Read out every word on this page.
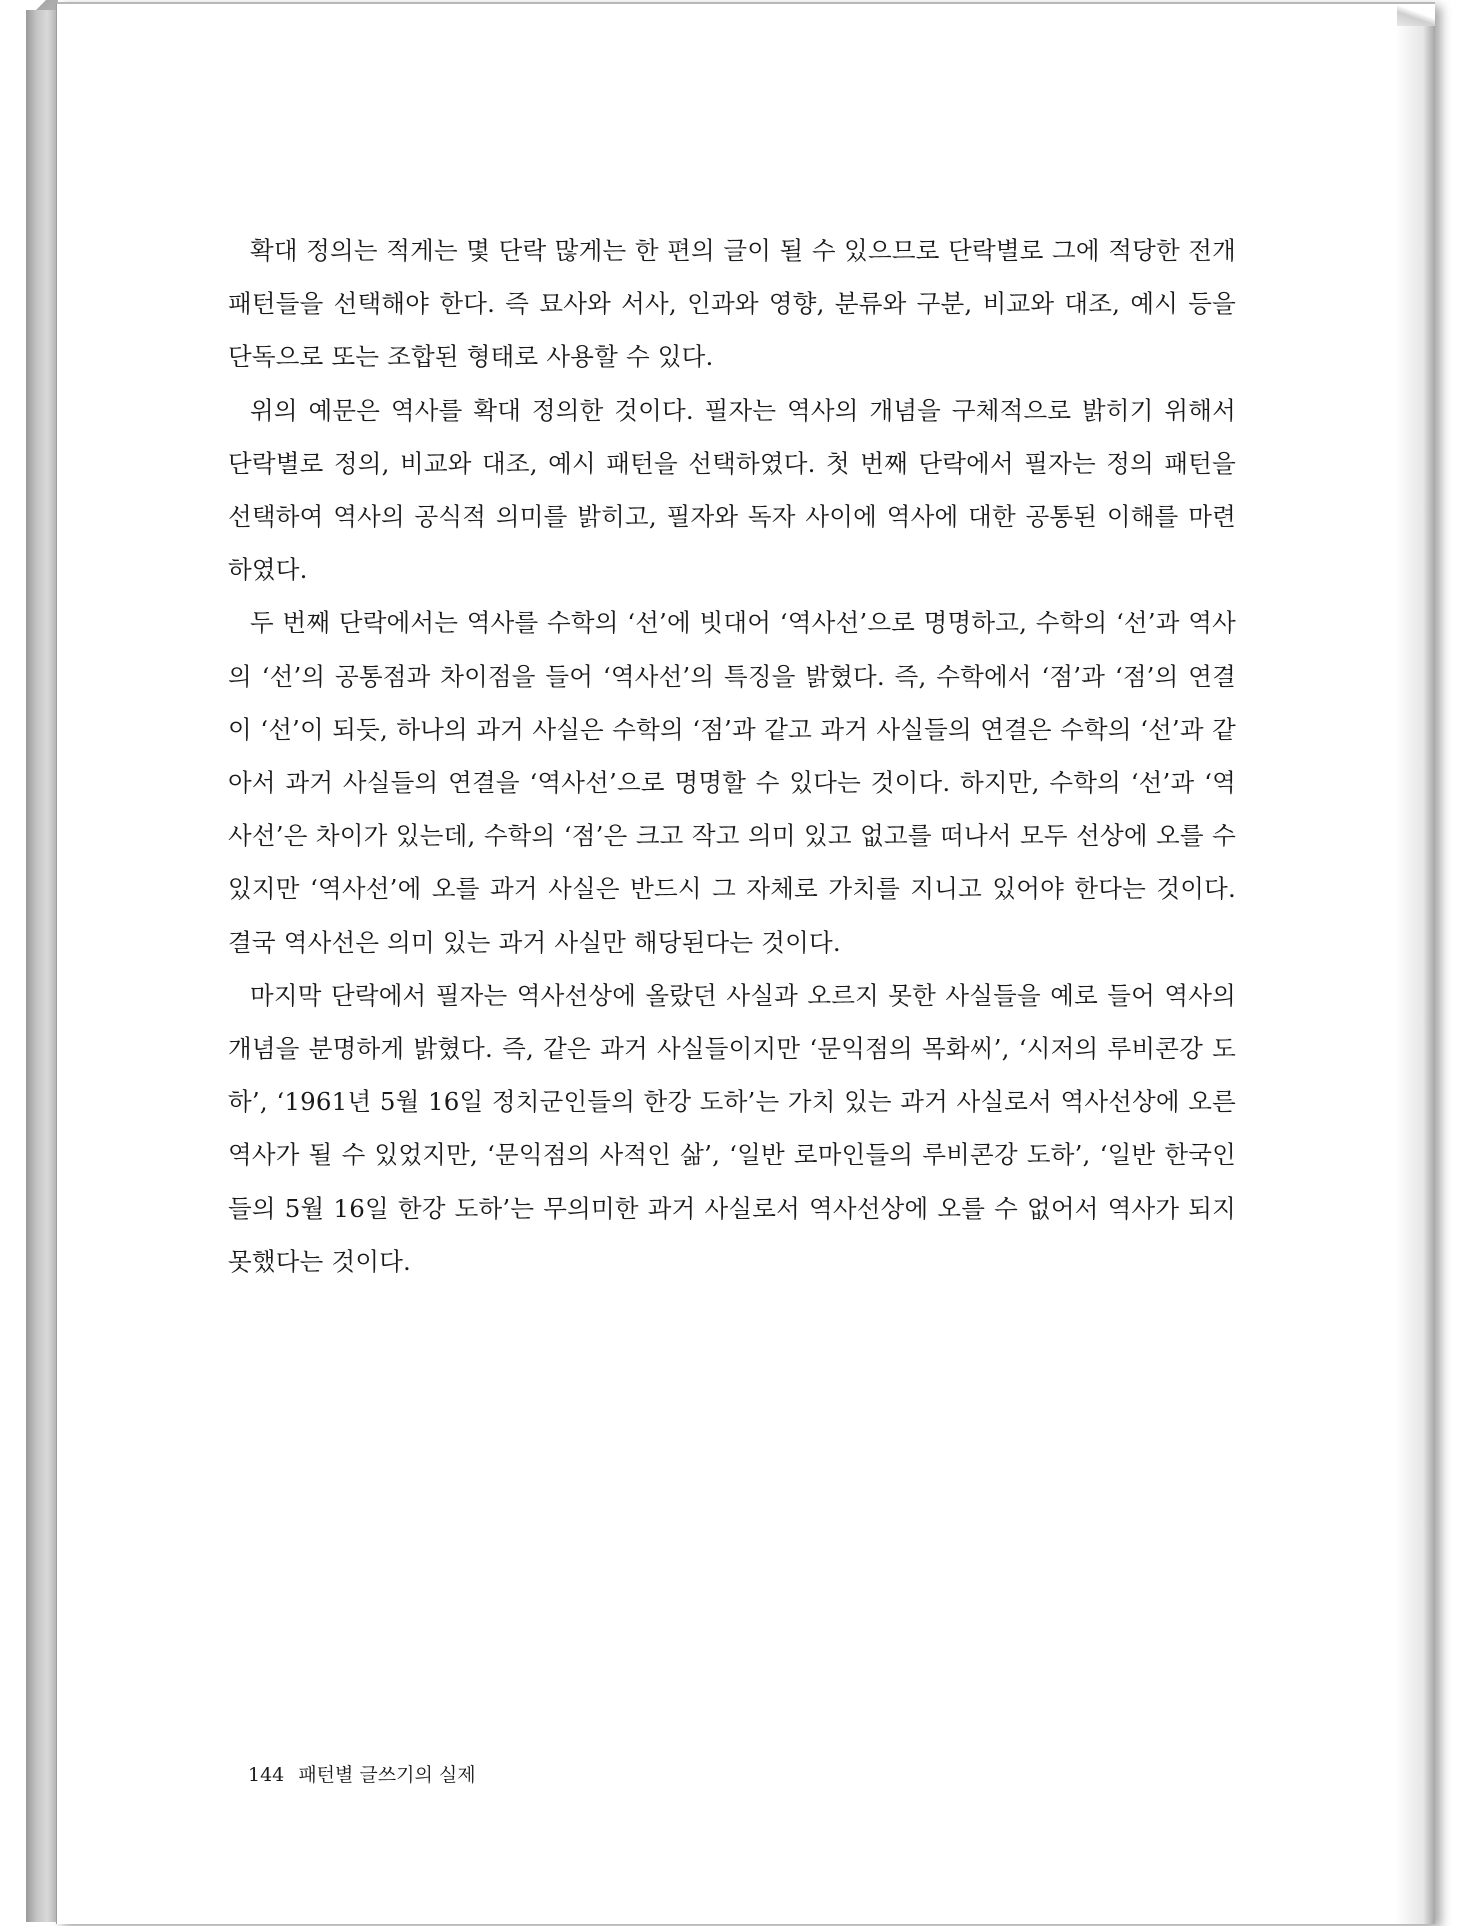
확대 정의는 적게는 몇 단락 많게는 한 편의 글이 될 수 있으므로 단락별로 그에 적당한 전개 패턴들을 선택해야 한다. 즉 묘사와 서사, 인과와 영향, 분류와 구분, 비교와 대조, 예시 등을 단독으로 또는 조합된 형태로 사용할 수 있다.

위의 예문은 역사를 확대 정의한 것이다. 필자는 역사의 개념을 구체적으로 밝히기 위해서 단락별로 정의, 비교와 대조, 예시 패턴을 선택하였다. 첫 번째 단락에서 필자는 정의 패턴을 선택하여 역사의 공식적 의미를 밝히고, 필자와 독자 사이에 역사에 대한 공통된 이해를 마련하였다.

두 번째 단락에서는 역사를 수학의 ‘선’에 빗대어 ‘역사선’으로 명명하고, 수학의 ‘선’과 역사의 ‘선’의 공통점과 차이점을 들어 ‘역사선’의 특징을 밝혔다. 즉, 수학에서 ‘점’과 ‘점’의 연결이 ‘선’이 되듯, 하나의 과거 사실은 수학의 ‘점’과 같고 과거 사실들의 연결은 수학의 ‘선’과 같아서 과거 사실들의 연결을 ‘역사선’으로 명명할 수 있다는 것이다. 하지만, 수학의 ‘선’과 ‘역사선’은 차이가 있는데, 수학의 ‘점’은 크고 작고 의미 있고 없고를 떠나서 모두 선상에 오를 수 있지만 ‘역사선’에 오를 과거 사실은 반드시 그 자체로 가치를 지니고 있어야 한다는 것이다. 결국 역사선은 의미 있는 과거 사실만 해당된다는 것이다.

마지막 단락에서 필자는 역사선상에 올랐던 사실과 오르지 못한 사실들을 예로 들어 역사의 개념을 분명하게 밝혔다. 즉, 같은 과거 사실들이지만 ‘문익점의 목화씨’, ‘시저의 루비콘강 도하’, ‘1961년 5월 16일 정치군인들의 한강 도하’는 가치 있는 과거 사실로서 역사선상에 오른 역사가 될 수 있었지만, ‘문익점의 사적인 삶’, ‘일반 로마인들의 루비콘강 도하’, ‘일반 한국인들의 5월 16일 한강 도하’는 무의미한 과거 사실로서 역사선상에 오를 수 없어서 역사가 되지 못했다는 것이다.

144 패턴별 글쓰기의 실제
